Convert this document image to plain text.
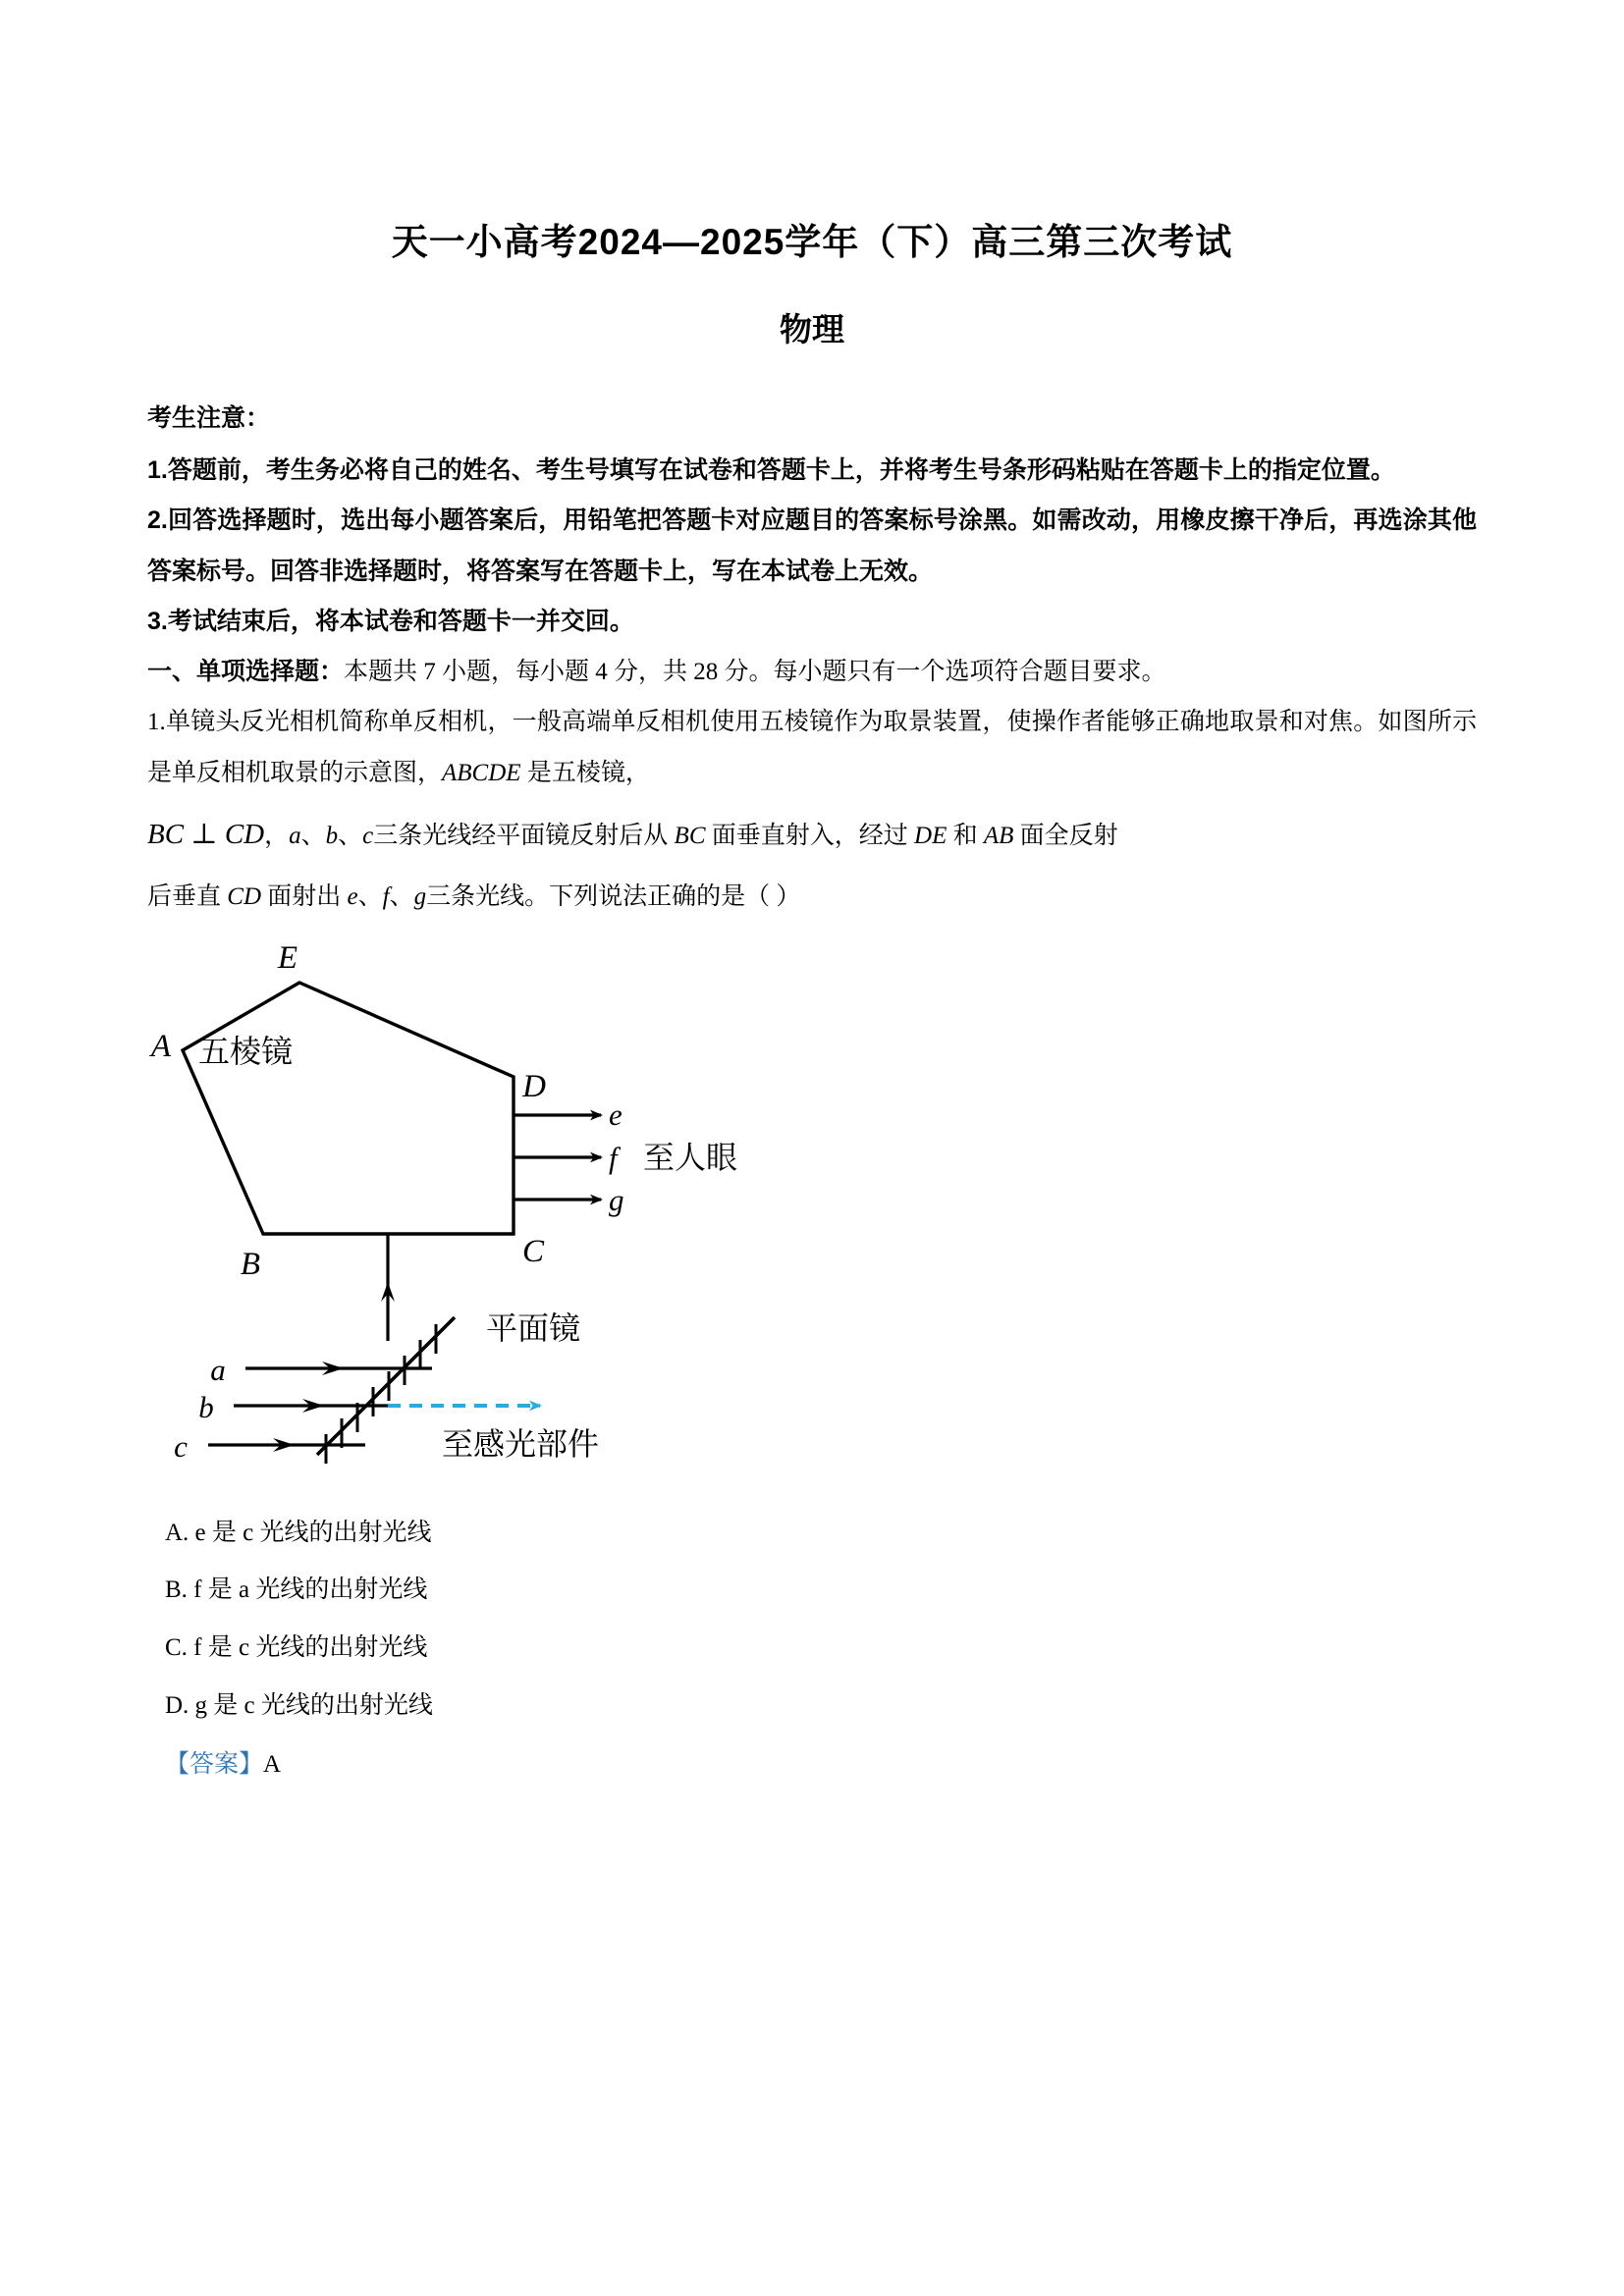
天一小高考2024—2025学年（下）高三第三次考试
物理

考生注意：

1.答题前，考生务必将自己的姓名、考生号填写在试卷和答题卡上，并将考生号条形码粘贴在答题卡上的指定位置。

2.回答选择题时，选出每小题答案后，用铅笔把答题卡对应题目的答案标号涂黑。如需改动，用橡皮擦干净后，再选涂其他答案标号。回答非选择题时，将答案写在答题卡上，写在本试卷上无效。

3.考试结束后，将本试卷和答题卡一并交回。

一、单项选择题：本题共 7 小题，每小题 4 分，共 28 分。每小题只有一个选项符合题目要求。

1.单镜头反光相机简称单反相机，一般高端单反相机使用五棱镜作为取景装置，使操作者能够正确地取景和对焦。如图所示是单反相机取景的示意图，ABCDE 是五棱镜，

BC ⊥ CD，a、b、c三条光线经平面镜反射后从 BC 面垂直射入，经过 DE 和 AB 面全反射

后垂直 CD 面射出 e、f、g三条光线。下列说法正确的是（ ）

E
A
B	C
D
五棱镜
e
f
g
至人眼
平面镜
a
b
c	至感光部件

A. e 是 c 光线的出射光线

B. f 是 a 光线的出射光线

C. f 是 c 光线的出射光线

D. g 是 c 光线的出射光线

【答案】A
